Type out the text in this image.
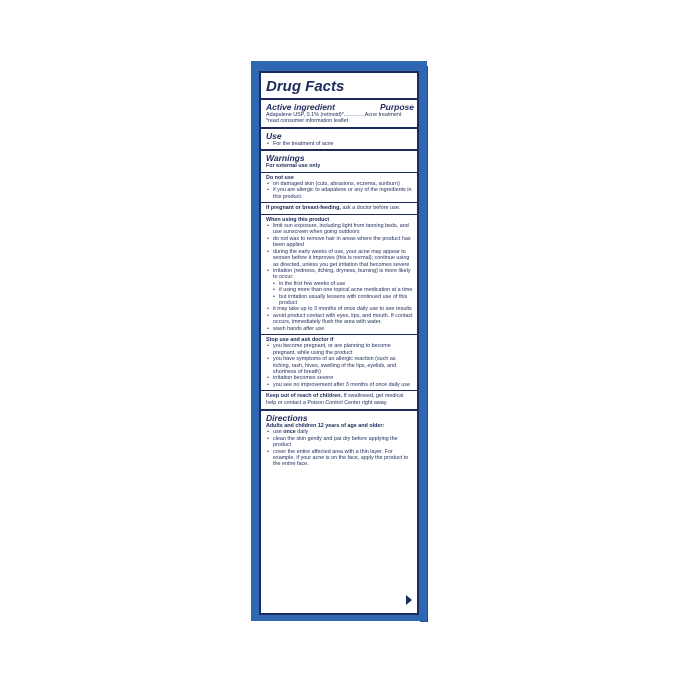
Drug Facts
Active ingredient	Purpose
Adapalene USP, 0.1% (retinoid)*..............Acne treatment
*read consumer information leaflet
Use
• For the treatment of acne
Warnings
For external use only
Do not use
• on damaged skin (cuts, abrasions, eczema, sunburn)
• if you are allergic to adapalene or any of the ingredients in this product.
If pregnant or breast-feeding, ask a doctor before use.
When using this product
• limit sun exposure, including light from tanning beds, and use sunscreen when going outdoors
• do not wax to remove hair in areas where the product has been applied
• during the early weeks of use, your acne may appear to worsen before it improves (this is normal); continue using as directed, unless you get irritation that becomes severe
• irritation (redness, itching, dryness, burning) is more likely to occur:
• in the first few weeks of use
• if using more than one topical acne medication at a time
• but irritation usually lessens with continued use of this product
• it may take up to 3 months of once daily use to see results
• avoid product contact with eyes, lips, and mouth. If contact occurs, immediately flush the area with water.
• wash hands after use
Stop use and ask doctor if
• you become pregnant, or are planning to become pregnant, while using the product
• you have symptoms of an allergic reaction (such as itching, rash, hives, swelling of the lips, eyelids, and shortness of breath)
• irritation becomes severe
• you see no improvement after 3 months of once daily use
Keep out of reach of children. If swallowed, get medical help or contact a Poison Control Center right away.
Directions
Adults and children 12 years of age and older:
• use once daily
• clean the skin gently and pat dry before applying the product
• cover the entire affected area with a thin layer. For example, if your acne is on the face, apply the product to the entire face.
